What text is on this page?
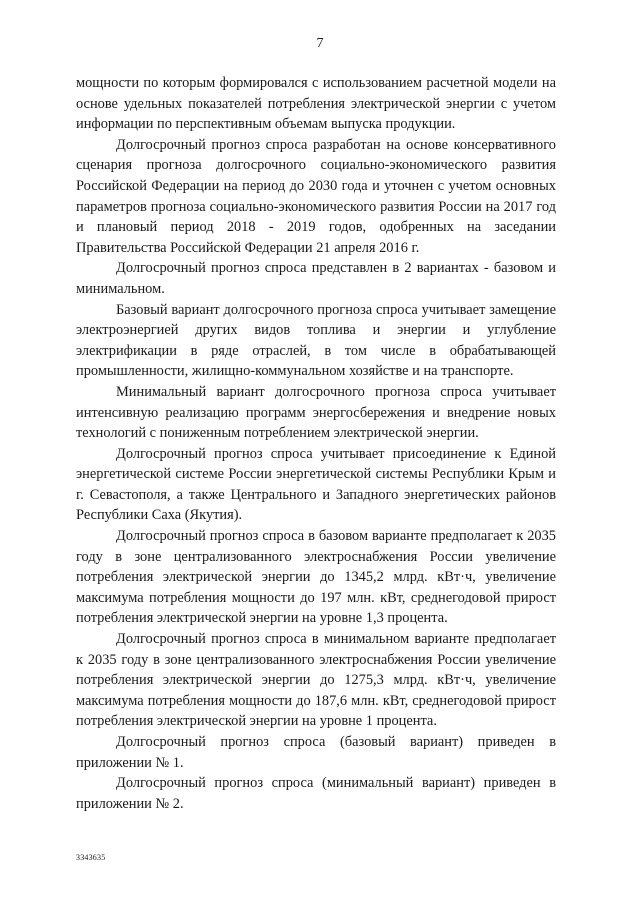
7

мощности по которым формировался с использованием расчетной модели на основе удельных показателей потребления электрической энергии с учетом информации по перспективным объемам выпуска продукции.

Долгосрочный прогноз спроса разработан на основе консервативного сценария прогноза долгосрочного социально-экономического развития Российской Федерации на период до 2030 года и уточнен с учетом основных параметров прогноза социально-экономического развития России на 2017 год и плановый период 2018 - 2019 годов, одобренных на заседании Правительства Российской Федерации 21 апреля 2016 г.

Долгосрочный прогноз спроса представлен в 2 вариантах - базовом и минимальном.

Базовый вариант долгосрочного прогноза спроса учитывает замещение электроэнергией других видов топлива и энергии и углубление электрификации в ряде отраслей, в том числе в обрабатывающей промышленности, жилищно-коммунальном хозяйстве и на транспорте.

Минимальный вариант долгосрочного прогноза спроса учитывает интенсивную реализацию программ энергосбережения и внедрение новых технологий с пониженным потреблением электрической энергии.

Долгосрочный прогноз спроса учитывает присоединение к Единой энергетической системе России энергетической системы Республики Крым и г. Севастополя, а также Центрального и Западного энергетических районов Республики Саха (Якутия).

Долгосрочный прогноз спроса в базовом варианте предполагает к 2035 году в зоне централизованного электроснабжения России увеличение потребления электрической энергии до 1345,2 млрд. кВт·ч, увеличение максимума потребления мощности до 197 млн. кВт, среднегодовой прирост потребления электрической энергии на уровне 1,3 процента.

Долгосрочный прогноз спроса в минимальном варианте предполагает к 2035 году в зоне централизованного электроснабжения России увеличение потребления электрической энергии до 1275,3 млрд. кВт·ч, увеличение максимума потребления мощности до 187,6 млн. кВт, среднегодовой прирост потребления электрической энергии на уровне 1 процента.

Долгосрочный прогноз спроса (базовый вариант) приведен в приложении № 1.

Долгосрочный прогноз спроса (минимальный вариант) приведен в приложении № 2.

3343635
